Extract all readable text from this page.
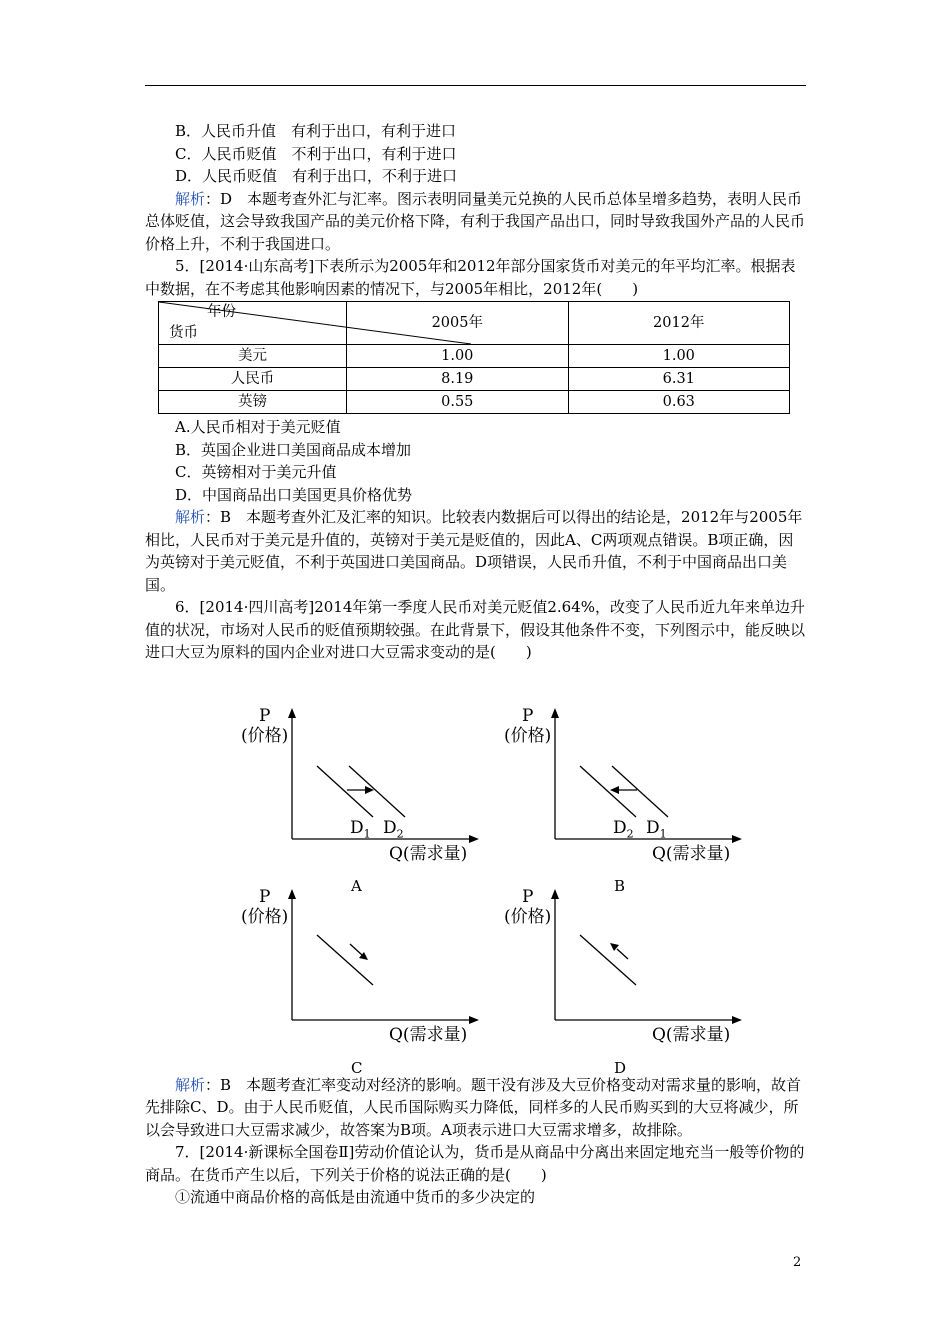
B．人民币升值　有利于出口，有利于进口

C．人民币贬值　不利于出口，有利于进口

D．人民币贬值　有利于出口，不利于进口

解析：D　本题考查外汇与汇率。图示表明同量美元兑换的人民币总体呈增多趋势，表明人民币总体贬值，这会导致我国产品的美元价格下降，有利于我国产品出口，同时导致我国外产品的人民币价格上升，不利于我国进口。

5．[2014·山东高考]下表所示为2005年和2012年部分国家货币对美元的年平均汇率。根据表中数据，在不考虑其他影响因素的情况下，与2005年相比，2012年(　　)

年份
货币	2005年	2012年
美元	1.00	1.00
人民币	8.19	6.31
英镑	0.55	0.63

A.人民币相对于美元贬值

B．英国企业进口美国商品成本增加

C．英镑相对于美元升值

D．中国商品出口美国更具价格优势

解析：B　本题考查外汇及汇率的知识。比较表内数据后可以得出的结论是，2012年与2005年相比，人民币对于美元是升值的，英镑对于美元是贬值的，因此A、C两项观点错误。B项正确，因为英镑对于美元贬值，不利于英国进口美国商品。D项错误，人民币升值，不利于中国商品出口美国。

6．[2014·四川高考]2014年第一季度人民币对美元贬值2.64%，改变了人民币近九年来单边升值的状况，市场对人民币的贬值预期较强。在此背景下，假设其他条件不变，下列图示中，能反映以进口大豆为原料的国内企业对进口大豆需求变动的是(　　)

P
(价格)
$D_1$ $D_2$
Q(需求量)
A
P
(价格)
$D_2$ $D_1$
Q(需求量)
B
P
(价格)
Q(需求量)
C
P
(价格)
Q(需求量)
D

解析：B　本题考查汇率变动对经济的影响。题干没有涉及大豆价格变动对需求量的影响，故首先排除C、D。由于人民币贬值，人民币国际购买力降低，同样多的人民币购买到的大豆将减少，所以会导致进口大豆需求减少，故答案为B项。A项表示进口大豆需求增多，故排除。

7．[2014·新课标全国卷Ⅱ]劳动价值论认为，货币是从商品中分离出来固定地充当一般等价物的商品。在货币产生以后，下列关于价格的说法正确的是(　　)

①流通中商品价格的高低是由流通中货币的多少决定的

2
